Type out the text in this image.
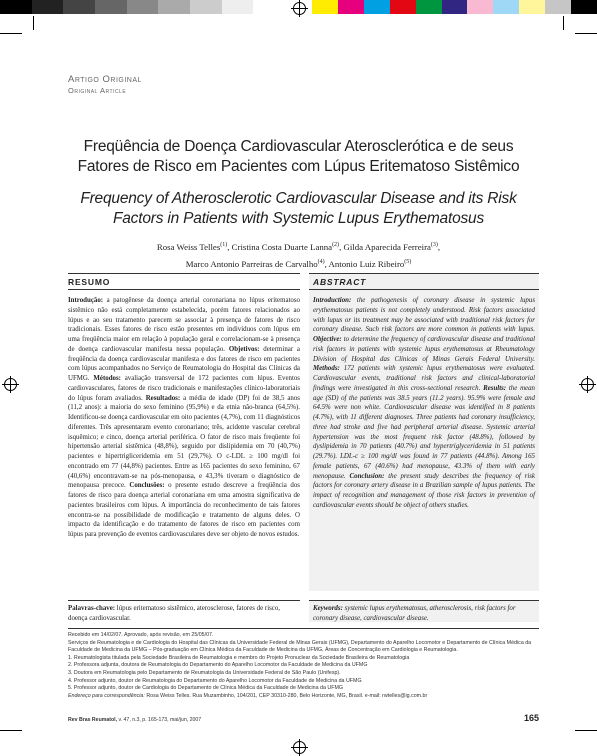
Artigo Original
Original Article
Freqüência de Doença Cardiovascular Aterosclerótica e de seus Fatores de Risco em Pacientes com Lúpus Eritematoso Sistêmico
Frequency of Atherosclerotic Cardiovascular Disease and its Risk Factors in Patients with Systemic Lupus Erythematosus
Rosa Weiss Telles$^{(1)}$, Cristina Costa Duarte Lanna$^{(2)}$, Gilda Aparecida Ferreira$^{(3)}$,
Marco Antonio Parreiras de Carvalho$^{(4)}$, Antonio Luiz Ribeiro$^{(5)}$
RESUMO
Introdução: a patogênese da doença arterial coronariana no lúpus eritematoso sistêmico não está completamente estabelecida, porém fatores relacionados ao lúpus e ao seu tratamento parecem se associar à presença de fatores de risco tradicionais. Esses fatores de risco estão presentes em indivíduos com lúpus em uma freqüência maior em relação à população geral e correlacionam-se à presença de doença cardiovascular manifesta nessa população. Objetivos: determinar a freqüência da doença cardiovascular manifesta e dos fatores de risco em pacientes com lúpus acompanhados no Serviço de Reumatologia do Hospital das Clínicas da UFMG. Métodos: avaliação transversal de 172 pacientes com lúpus. Eventos cardiovasculares, fatores de risco tradicionais e manifestações clínico-laboratoriais do lúpus foram avaliados. Resultados: a média de idade (DP) foi de 38,5 anos (11,2 anos): a maioria do sexo feminino (95,9%) e da etnia não-branca (64,5%). Identificou-se doença cardiovascular em oito pacientes (4,7%), com 11 diagnósticos diferentes. Três apresentaram evento coronariano; três, acidente vascular cerebral isquêmico; e cinco, doença arterial periférica. O fator de risco mais freqüente foi hipertensão arterial sistêmica (48,8%), seguido por dislipidemia em 70 (40,7%) pacientes e hipertrigliceridemia em 51 (29,7%). O c-LDL ≥ 100 mg/dl foi encontrado em 77 (44,8%) pacientes. Entre as 165 pacientes do sexo feminino, 67 (40,6%) encontravam-se na pós-menopausa, e 43,3% tiveram o diagnóstico de menopausa precoce. Conclusões: o presente estudo descreve a freqüência dos fatores de risco para doença arterial coronariana em uma amostra significativa de pacientes brasileiros com lúpus. A importância do reconhecimento de tais fatores encontra-se na possibilidade de modificação e tratamento de alguns deles. O impacto da identificação e do tratamento de fatores de risco em pacientes com lúpus para prevenção de eventos cardiovasculares deve ser objeto de novos estudos.
ABSTRACT
Introduction: the pathogenesis of coronary disease in systemic lupus erythematosus patients is not completely understood. Risk factors associated with lupus or its treatment may be associated with traditional risk factors for coronary disease. Such risk factors are more common in patients with lupus. Objective: to determine the frequency of cardiovascular disease and traditional risk factors in patients with systemic lupus erythematosus at Rheumatology Division of Hospital das Clínicas of Minas Gerais Federal University. Methods: 172 patients with systemic lupus erythematosus were evaluated. Cardiovascular events, traditional risk factors and clinical-laboratorial findings were investigated in this cross-sectional research. Results: the mean age (SD) of the patients was 38.5 years (11.2 years). 95.9% were female and 64.5% were non white. Cardiovascular disease was identified in 8 patients (4.7%), with 11 different diagnoses. Three patients had coronary insufficiency, three had stroke and five had peripheral arterial disease. Systemic arterial hypertension was the most frequent risk factor (48.8%), followed by dyslipidemia in 70 patients (40.7%) and hypertriglyceridemia in 51 patients (29.7%). LDL-c ≥ 100 mg/dl was found in 77 patients (44.8%). Among 165 female patients, 67 (40.6%) had menopause, 43.3% of them with early menopause. Conclusion: the present study describes the frequency of risk factors for coronary artery disease in a Brazilian sample of lupus patients. The impact of recognition and management of those risk factors in prevention of cardiovascular events should be object of others studies.
Palavras-chave: lúpus eritematoso sistêmico, aterosclerose, fatores de risco, doença cardiovascular.
Keywords: systemic lupus erythematosus, atherosclerosis, risk factors for coronary disease, cardiovascular disease.

Recebido em 14/02/07. Aprovado, após revisão, em 25/05/07.

Serviços de Reumatologia e de Cardiologia do Hospital das Clínicas da Universidade Federal de Minas Gerais (UFMG), Departamento do Aparelho Locomotor e Departamento de Clínica Médica da Faculdade de Medicina da UFMG – Pós-graduação em Clínica Médica da Faculdade de Medicina da UFMG, Áreas de Concentração em Cardiologia e Reumatologia.

1. Reumatologista titulada pela Sociedade Brasileira de Reumatologia e membro do Projeto Pronuclear da Sociedade Brasileira de Reumatologia

2. Professora adjunta, doutora de Reumatologia do Departamento do Aparelho Locomotor da Faculdade de Medicina da UFMG

3. Doutora em Reumatologia pelo Departamento de Reumatologia da Universidade Federal de São Paulo (Unifesp).

4. Professor adjunto, doutor de Reumatologia do Departamento do Aparelho Locomotor da Faculdade de Medicina da UFMG

5. Professor adjunto, doutor de Cardiologia do Departamento de Clínica Médica da Faculdade de Medicina da UFMG

Endereço para correspondência: Rosa Weiss Telles. Rua Muzambinho, 104/201, CEP 30310-280, Belo Horizonte, MG, Brasil. e-mail: rwtelles@ig.com.br

Rev Bras Reumatol, v. 47, n.3, p. 165-173, mai/jun, 2007	165
